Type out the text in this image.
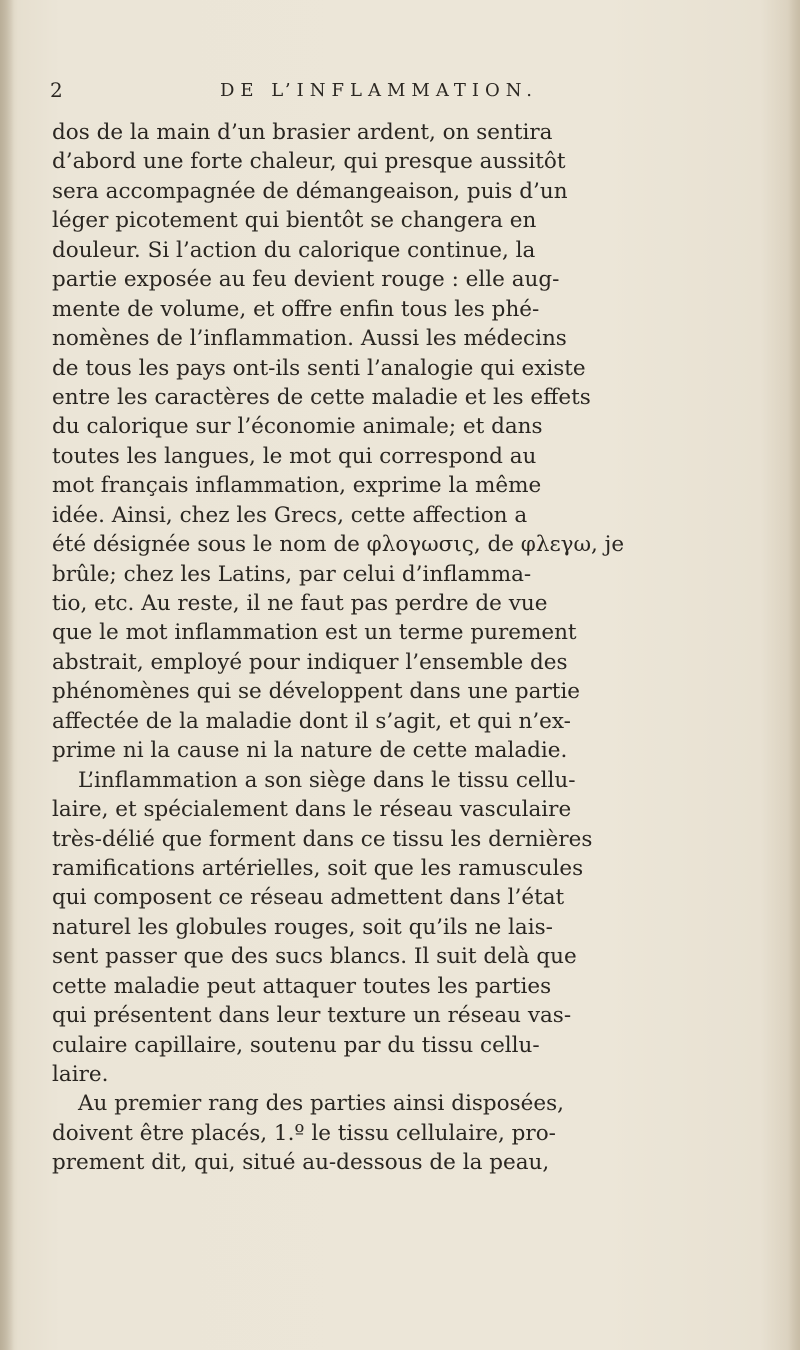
2	DE L’INFLAMMATION.
dos de la main d’un brasier ardent, on sentira
d’abord une forte chaleur, qui presque aussitôt
sera accompagnée de démangeaison, puis d’un
léger picotement qui bientôt se changera en
douleur. Si l’action du calorique continue, la
partie exposée au feu devient rouge : elle aug-
mente de volume, et offre enfin tous les phé-
nomènes de l’inflammation. Aussi les médecins
de tous les pays ont-ils senti l’analogie qui existe
entre les caractères de cette maladie et les effets
du calorique sur l’économie animale; et dans
toutes les langues, le mot qui correspond au
mot français inflammation, exprime la même
idée. Ainsi, chez les Grecs, cette affection a
été désignée sous le nom de φλογωσις, de φλεγω, je
brûle; chez les Latins, par celui d’inflamma-
tio, etc. Au reste, il ne faut pas perdre de vue
que le mot inflammation est un terme purement
abstrait, employé pour indiquer l’ensemble des
phénomènes qui se développent dans une partie
affectée de la maladie dont il s’agit, et qui n’ex-
prime ni la cause ni la nature de cette maladie.
L’inflammation a son siège dans le tissu cellu-
laire, et spécialement dans le réseau vasculaire
très-délié que forment dans ce tissu les dernières
ramifications artérielles, soit que les ramuscules
qui composent ce réseau admettent dans l’état
naturel les globules rouges, soit qu’ils ne lais-
sent passer que des sucs blancs. Il suit delà que
cette maladie peut attaquer toutes les parties
qui présentent dans leur texture un réseau vas-
culaire capillaire, soutenu par du tissu cellu-
laire.
Au premier rang des parties ainsi disposées,
doivent être placés, 1.º le tissu cellulaire, pro-
prement dit, qui, situé au-dessous de la peau,
